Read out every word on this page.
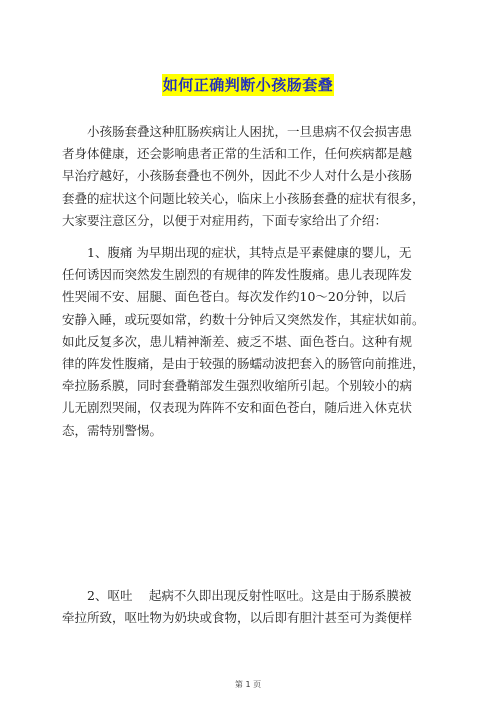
如何正确判断小孩肠套叠
　　小孩肠套叠这种肛肠疾病让人困扰，一旦患病不仅会损害患
者身体健康，还会影响患者正常的生活和工作，任何疾病都是越
早治疗越好，小孩肠套叠也不例外，因此不少人对什么是小孩肠
套叠的症状这个问题比较关心，临床上小孩肠套叠的症状有很多，
大家要注意区分，以便于对症用药，下面专家给出了介绍：
　　1、腹痛 为早期出现的症状，其特点是平素健康的婴儿，无
任何诱因而突然发生剧烈的有规律的阵发性腹痛。患儿表现阵发
性哭闹不安、屈腿、面色苍白。每次发作约10～20分钟，以后
安静入睡，或玩耍如常，约数十分钟后又突然发作，其症状如前。
如此反复多次，患儿精神渐差、疲乏不堪、面色苍白。这种有规
律的阵发性腹痛，是由于较强的肠蠕动波把套入的肠管向前推进，
牵拉肠系膜，同时套叠鞘部发生强烈收缩所引起。个别较小的病
儿无剧烈哭闹，仅表现为阵阵不安和面色苍白，随后进入休克状
态，需特别警惕。
　　2、呕吐　 起病不久即出现反射性呕吐。这是由于肠系膜被
牵拉所致，呕吐物为奶块或食物，以后即有胆汁甚至可为粪便样
第 1 页
